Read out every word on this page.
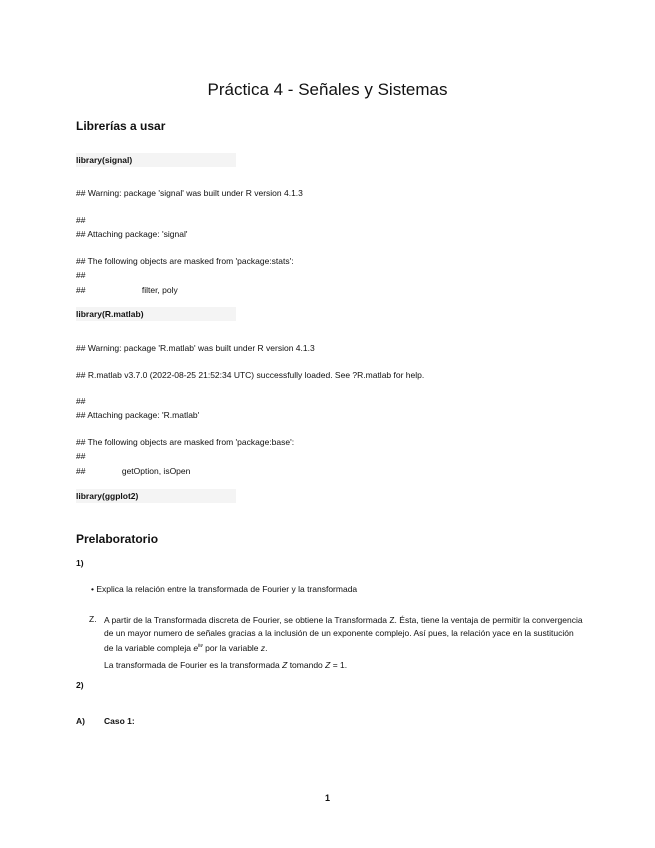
Práctica 4 - Señales y Sistemas
Librerías a usar
library(signal)
## Warning: package 'signal' was built under R version 4.1.3
##
## Attaching package: 'signal'
## The following objects are masked from 'package:stats':
##
##	filter, poly
library(R.matlab)
## Warning: package 'R.matlab' was built under R version 4.1.3
## R.matlab v3.7.0 (2022-08-25 21:52:34 UTC) successfully loaded. See ?R.matlab for help.
##
## Attaching package: 'R.matlab'
## The following objects are masked from 'package:base':
##
##	getOption, isOpen
library(ggplot2)
Prelaboratorio
1)
• Explica la relación entre la transformada de Fourier y la transformada
Z. A partir de la Transformada discreta de Fourier, se obtiene la Transformada Z. Ésta, tiene la ventaja de permitir la convergencia de un mayor numero de señales gracias a la inclusión de un exponente complejo. Así pues, la relación yace en la sustitución de la variable compleja $e^{iw}$ por la variable z.
La transformada de Fourier es la transformada Z tomando Z = 1.
2)
A) Caso 1:
1
